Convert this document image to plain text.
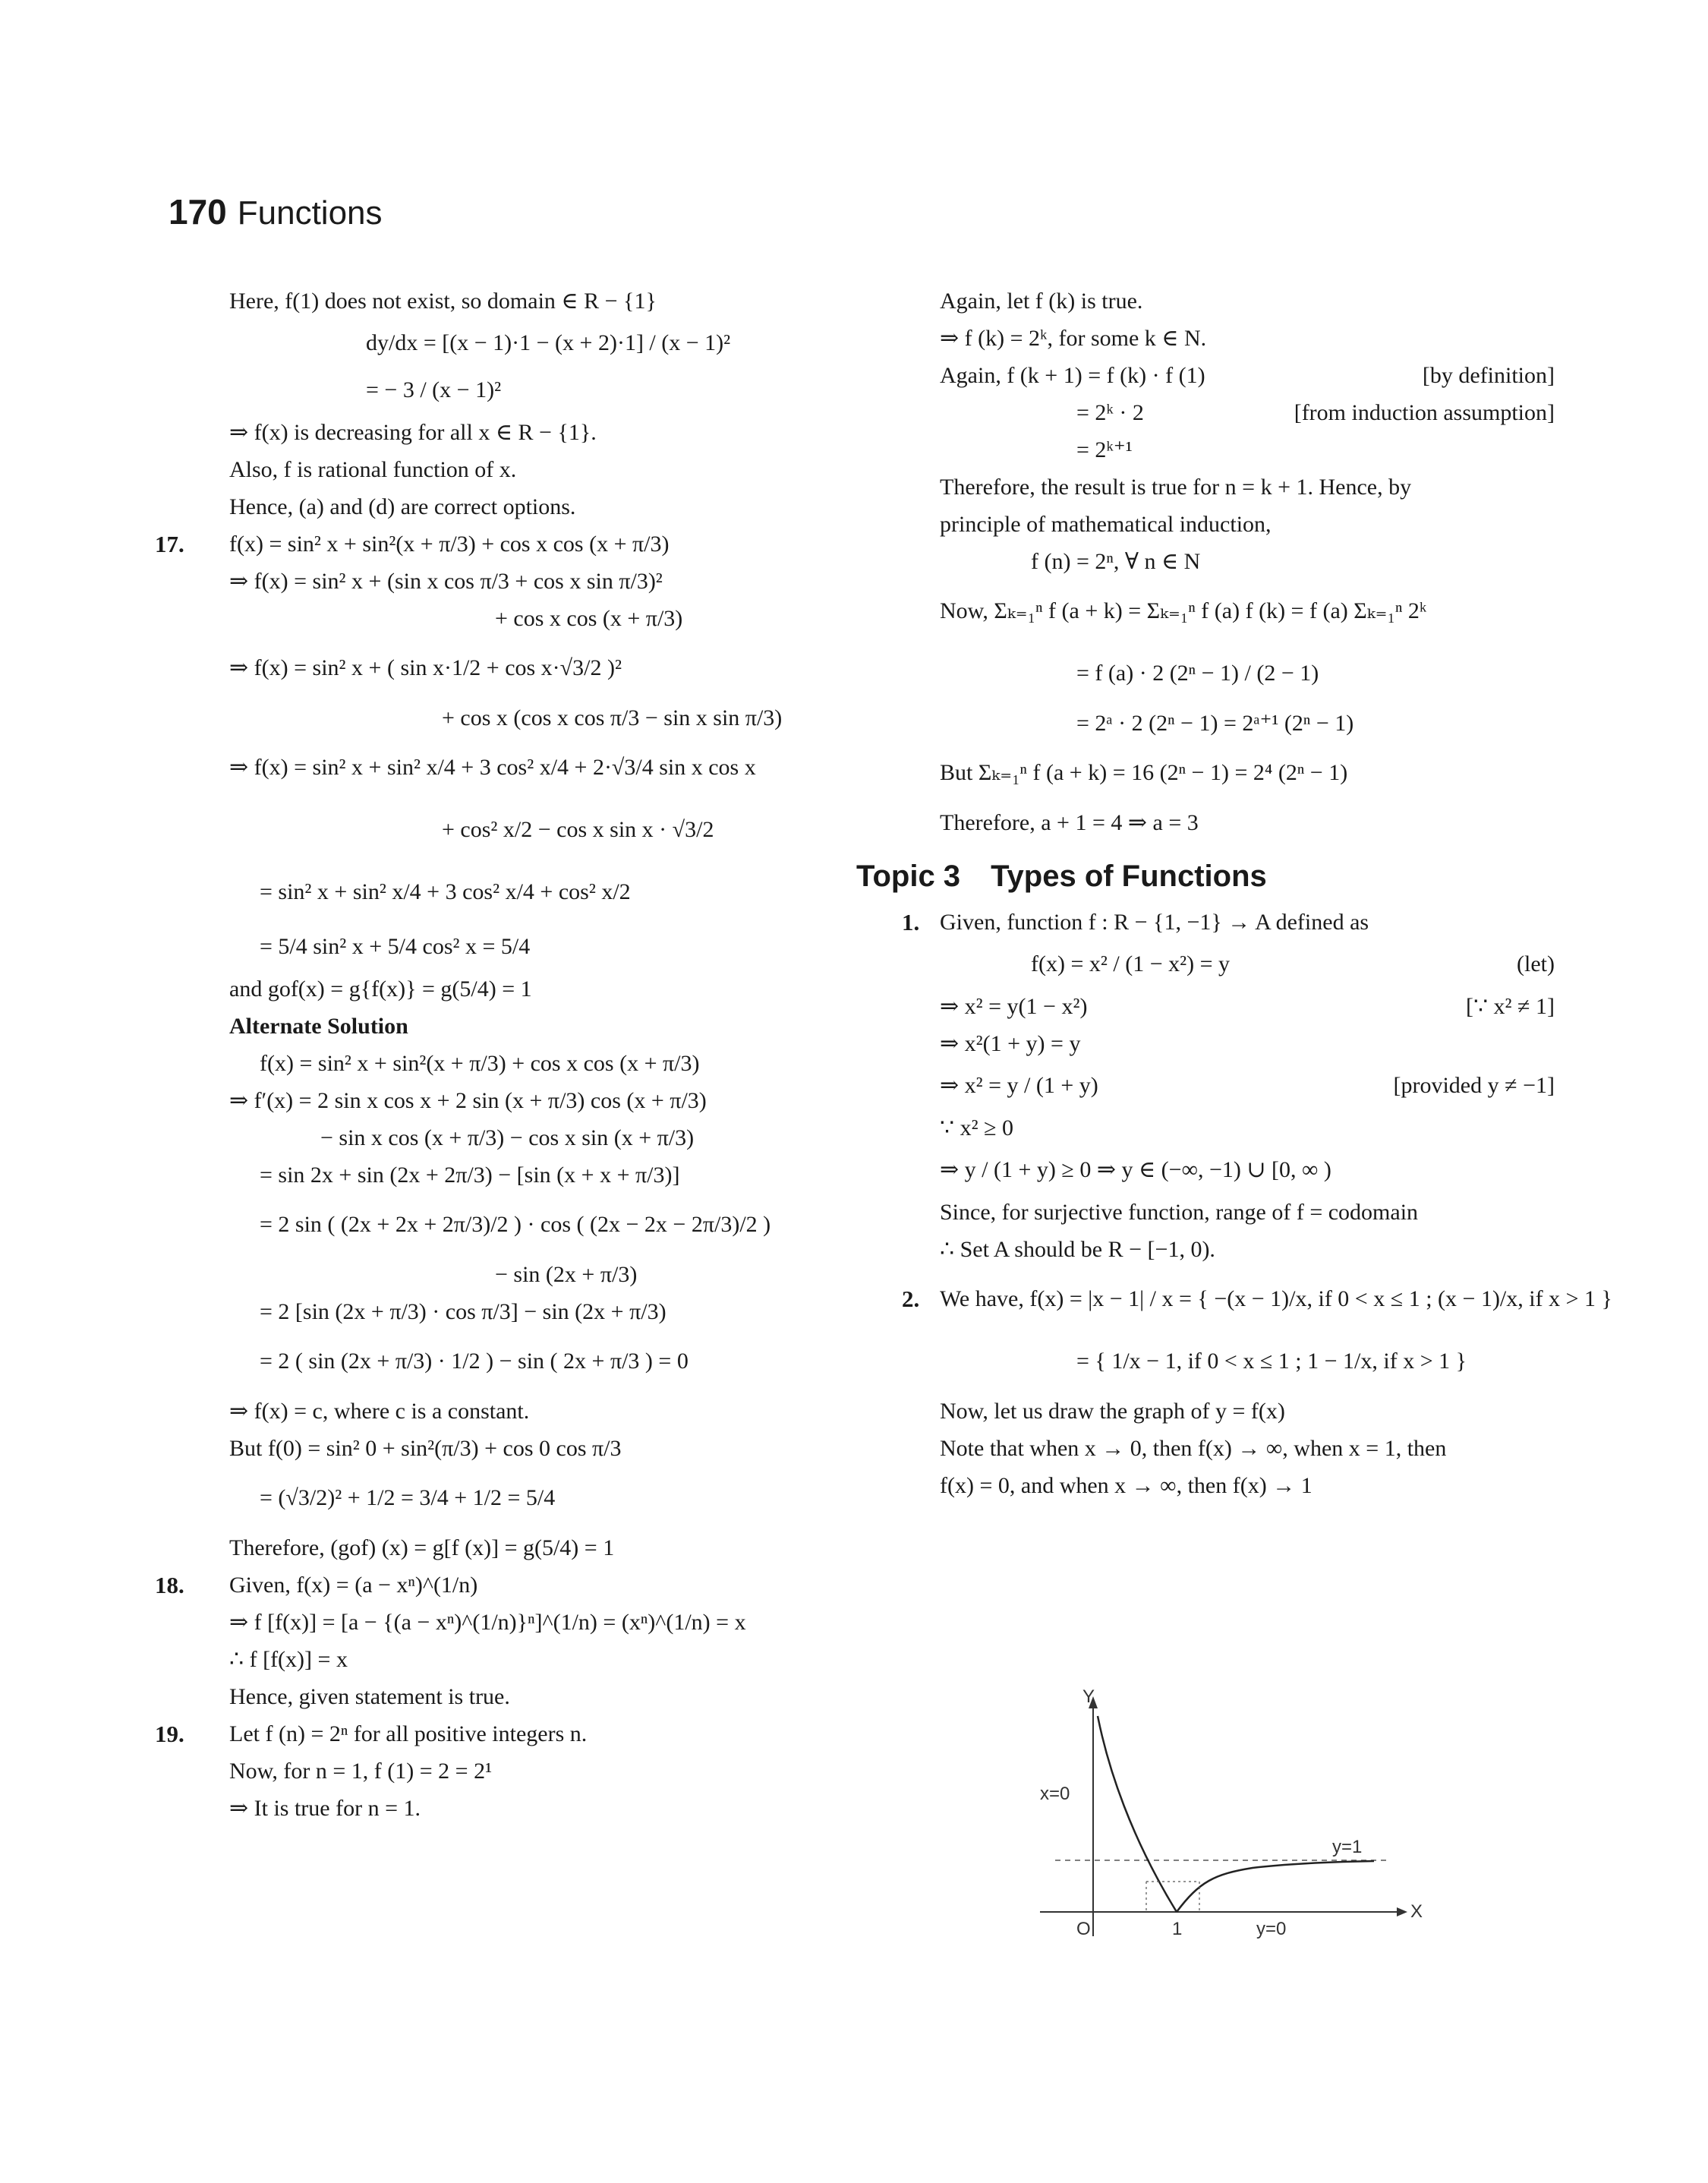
170 Functions
Here, f(1) does not exist, so domain ∈ R − {1}
dy/dx = [(x − 1)·1 − (x + 2)·1] / (x − 1)²
= − 3 / (x − 1)²
⇒ f(x) is decreasing for all x ∈ R − {1}.
Also, f is rational function of x.
Hence, (a) and (d) are correct options.
17. f(x) = sin² x + sin²(x + π/3) + cos x cos (x + π/3)
⇒ f(x) = sin² x + (sin x cos π/3 + cos x sin π/3)²
+ cos x cos (x + π/3)
⇒ f(x) = sin² x + ( sin x·1/2 + cos x·√3/2 )²
+ cos x (cos x cos π/3 − sin x sin π/3)
⇒ f(x) = sin² x + sin² x/4 + 3 cos² x/4 + 2·√3/4 sin x cos x
+ cos² x/2 − cos x sin x · √3/2
= sin² x + sin² x/4 + 3 cos² x/4 + cos² x/2
= 5/4 sin² x + 5/4 cos² x = 5/4
and gof(x) = g{f(x)} = g(5/4) = 1
Alternate Solution
f(x) = sin² x + sin²(x + π/3) + cos x cos (x + π/3)
⇒ f′(x) = 2 sin x cos x + 2 sin (x + π/3) cos (x + π/3)
− sin x cos (x + π/3) − cos x sin (x + π/3)
= sin 2x + sin (2x + 2π/3) − [sin (x + x + π/3)]
= 2 sin ( (2x + 2x + 2π/3)/2 ) · cos ( (2x − 2x − 2π/3)/2 )
− sin (2x + π/3)
= 2 [sin (2x + π/3) · cos π/3] − sin (2x + π/3)
= 2 ( sin (2x + π/3) · 1/2 ) − sin ( 2x + π/3 ) = 0
⇒ f(x) = c, where c is a constant.
But f(0) = sin² 0 + sin²(π/3) + cos 0 cos π/3
= (√3/2)² + 1/2 = 3/4 + 1/2 = 5/4
Therefore, (gof) (x) = g[f (x)] = g(5/4) = 1
18. Given, f(x) = (a − xⁿ)^(1/n)
⇒ f [f(x)] = [a − {(a − xⁿ)^(1/n)}ⁿ]^(1/n) = (xⁿ)^(1/n) = x
∴ f [f(x)] = x
Hence, given statement is true.
19. Let f (n) = 2ⁿ for all positive integers n.
Now, for n = 1, f (1) = 2 = 2¹
⇒ It is true for n = 1.
Again, let f (k) is true.
⇒ f (k) = 2ᵏ, for some k ∈ N.
Again, f (k + 1) = f (k) · f (1)	[by definition]
= 2ᵏ · 2	[from induction assumption]
= 2ᵏ⁺¹
Therefore, the result is true for n = k + 1. Hence, by
principle of mathematical induction,
f (n) = 2ⁿ, ∀ n ∈ N
Now, Σₖ₌₁ⁿ f (a + k) = Σₖ₌₁ⁿ f (a) f (k) = f (a) Σₖ₌₁ⁿ 2ᵏ
= f (a) · 2 (2ⁿ − 1) / (2 − 1)
= 2ᵃ · 2 (2ⁿ − 1) = 2ᵃ⁺¹ (2ⁿ − 1)
But Σₖ₌₁ⁿ f (a + k) = 16 (2ⁿ − 1) = 2⁴ (2ⁿ − 1)
Therefore, a + 1 = 4 ⇒ a = 3
Topic 3 Types of Functions
1. Given, function f : R − {1, −1} → A defined as
f(x) = x² / (1 − x²) = y	(let)
⇒ x² = y(1 − x²)	[∵ x² ≠ 1]
⇒ x²(1 + y) = y
⇒ x² = y / (1 + y)	[provided y ≠ −1]
∵ x² ≥ 0
⇒ y / (1 + y) ≥ 0 ⇒ y ∈ (−∞, −1) ∪ [0, ∞ )
Since, for surjective function, range of f = codomain
∴ Set A should be R − [−1, 0).
2. We have, f(x) = |x − 1| / x = { −(x − 1)/x, if 0 < x ≤ 1 ; (x − 1)/x, if x > 1 }
= { 1/x − 1, if 0 < x ≤ 1 ; 1 − 1/x, if x > 1 }
Now, let us draw the graph of y = f(x)
Note that when x → 0, then f(x) → ∞, when x = 1, then
f(x) = 0, and when x → ∞, then f(x) → 1
Y
X
O	1
x=0
y=1
y=0
